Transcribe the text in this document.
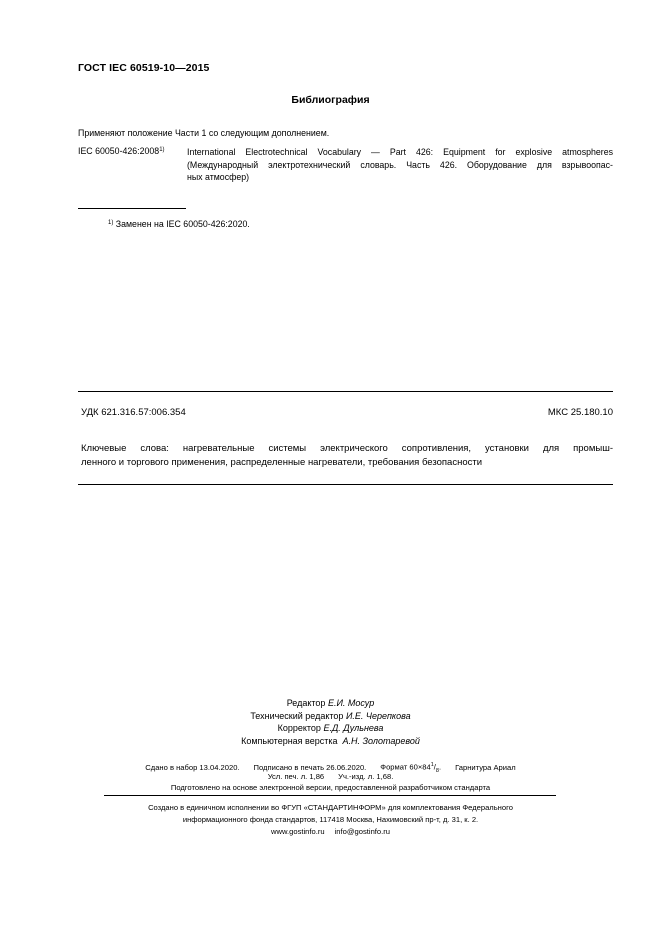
ГОСТ IEC 60519-10—2015
Библиография
Применяют положение Части 1 со следующим дополнением.
IEC 60050-426:2008$^{1)}$	International Electrotechnical Vocabulary — Part 426: Equipment for explosive atmospheres
(Международный электротехнический словарь. Часть 426. Оборудование для взрывоопас-
ных атмосфер)
$^{1)}$ Заменен на IEC 60050-426:2020.
УДК 621.316.57:006.354	МКС 25.180.10
Ключевые слова: нагревательные системы электрического сопротивления, установки для промыш-
ленного и торгового применения, распределенные нагреватели, требования безопасности
Редактор Е.И. Мосур
Технический редактор И.Е. Черепкова
Корректор Е.Д. Дульнева
Компьютерная верстка А.Н. Золотаревой
Сдано в набор 13.04.2020. Подписано в печать 26.06.2020. Формат $60\times 84^1/_8$. Гарнитура Ариал
Усл. печ. л. 1,86 Уч.-изд. л. 1,68.
Подготовлено на основе электронной версии, предоставленной разработчиком стандарта
Создано в единичном исполнении во ФГУП «СТАНДАРТИНФОРМ» для комплектования Федерального
информационного фонда стандартов, 117418 Москва, Нахимовский пр-т, д. 31, к. 2.
www.gostinfo.ru info@gostinfo.ru
